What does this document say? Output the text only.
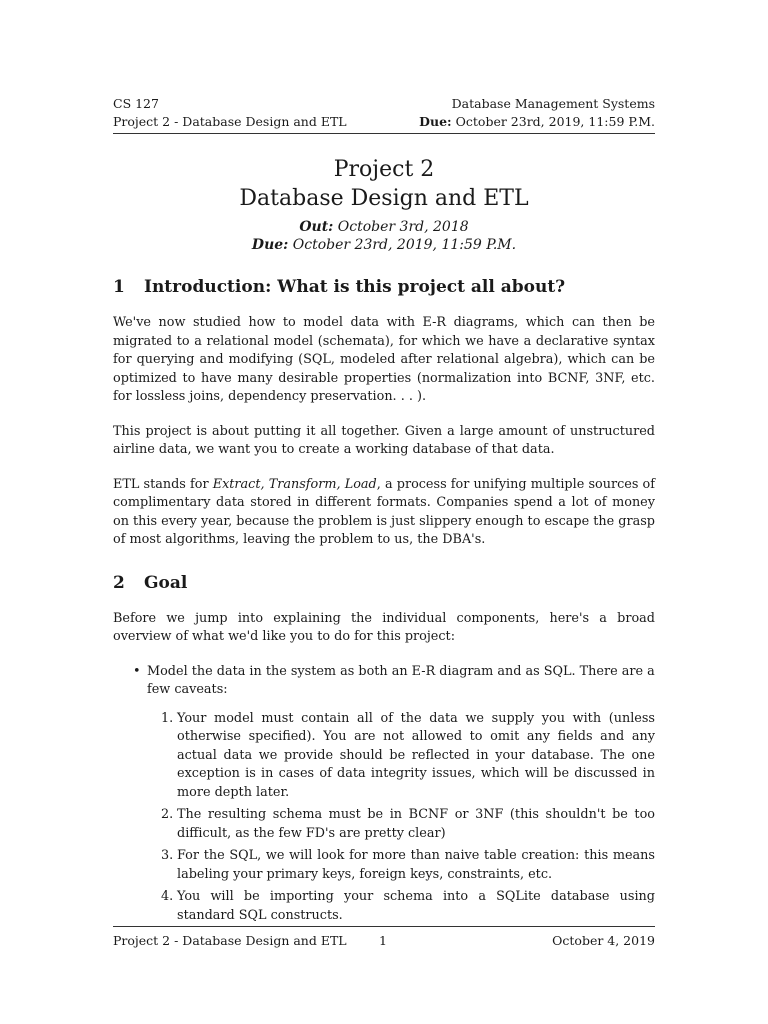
CS 127	Database Management Systems
Project 2 - Database Design and ETL	Due: October 23rd, 2019, 11:59 P.M.
Project 2
Database Design and ETL
Out: October 3rd, 2018
Due: October 23rd, 2019, 11:59 P.M.
1 Introduction: What is this project all about?

We've now studied how to model data with E-R diagrams, which can then be migrated to a relational model (schemata), for which we have a declarative syntax for querying and modifying (SQL, modeled after relational algebra), which can be optimized to have many desirable properties (normalization into BCNF, 3NF, etc. for lossless joins, dependency preservation. . . ).

This project is about putting it all together. Given a large amount of unstructured airline data, we want you to create a working database of that data.

ETL stands for Extract, Transform, Load, a process for unifying multiple sources of complimentary data stored in different formats. Companies spend a lot of money on this every year, because the problem is just slippery enough to escape the grasp of most algorithms, leaving the problem to us, the DBA's.

2 Goal

Before we jump into explaining the individual components, here's a broad overview of what we'd like you to do for this project:

• Model the data in the system as both an E-R diagram and as SQL. There are a few caveats:
1. Your model must contain all of the data we supply you with (unless otherwise specified). You are not allowed to omit any fields and any actual data we provide should be reflected in your database. The one exception is in cases of data integrity issues, which will be discussed in more depth later.
2. The resulting schema must be in BCNF or 3NF (this shouldn't be too difficult, as the few FD's are pretty clear)
3. For the SQL, we will look for more than naive table creation: this means labeling your primary keys, foreign keys, constraints, etc.
4. You will be importing your schema into a SQLite database using standard SQL constructs.
Project 2 - Database Design and ETL	1	October 4, 2019
